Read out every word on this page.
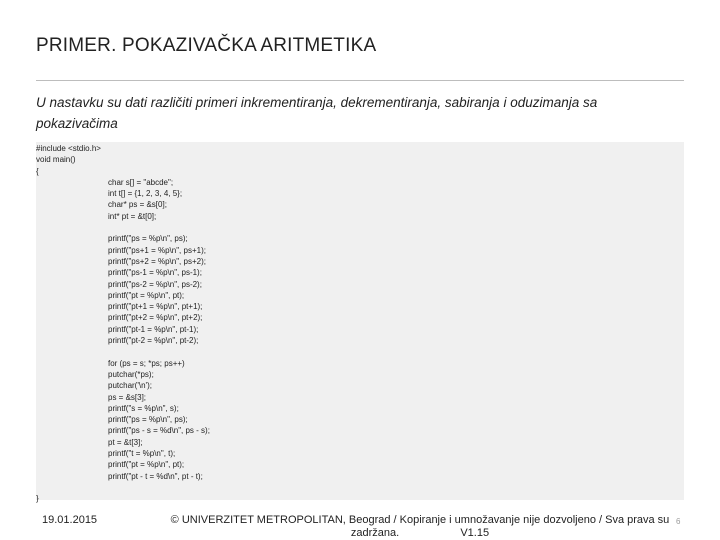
PRIMER. POKAZIVAČKA ARITMETIKA
U nastavku su dati različiti primeri inkrementiranja, dekrementiranja, sabiranja i oduzimanja sa pokazivačima
#include <stdio.h>
void main()
{
char s[] = "abcde";
int t[] = {1, 2, 3, 4, 5};
char* ps = &s[0];
int* pt = &t[0];
printf("ps = %p\n", ps);
printf("ps+1 = %p\n", ps+1);
printf("ps+2 = %p\n", ps+2);
printf("ps-1 = %p\n", ps-1);
printf("ps-2 = %p\n", ps-2);
printf("pt = %p\n", pt);
printf("pt+1 = %p\n", pt+1);
printf("pt+2 = %p\n", pt+2);
printf("pt-1 = %p\n", pt-1);
printf("pt-2 = %p\n", pt-2);
for (ps = s; *ps; ps++)
putchar(*ps);
putchar('\n');
ps = &s[3];
printf("s = %p\n", s);
printf("ps = %p\n", ps);
printf("ps - s = %d\n", ps - s);
pt = &t[3];
printf("t = %p\n", t);
printf("pt = %p\n", pt);
printf("pt - t = %d\n", pt - t);
}
19.01.2015	© UNIVERZITET METROPOLITAN, Beograd / Kopiranje i umnožavanje nije dozvoljeno / Sva prava su
zadržana.                    V1.15
6
